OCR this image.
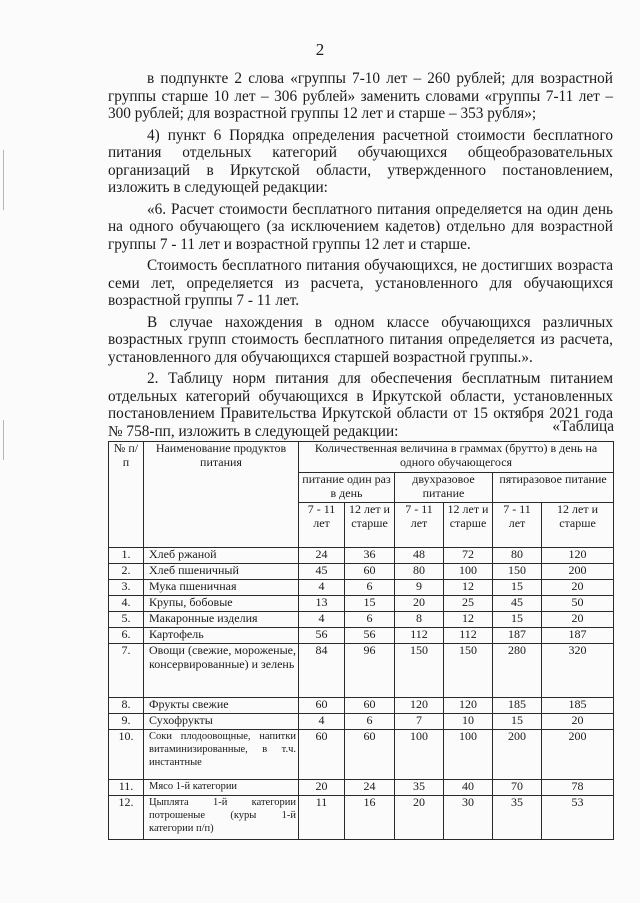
2

в подпункте 2 слова «группы 7-10 лет – 260 рублей; для возрастной группы старше 10 лет – 306 рублей» заменить словами «группы 7-11 лет – 300 рублей; для возрастной группы 12 лет и старше – 353 рубля»;

4) пункт 6 Порядка определения расчетной стоимости бесплатного питания отдельных категорий обучающихся общеобразовательных организаций в Иркутской области, утвержденного постановлением, изложить в следующей редакции:

«6. Расчет стоимости бесплатного питания определяется на один день на одного обучающего (за исключением кадетов) отдельно для возрастной группы 7 - 11 лет и возрастной группы 12 лет и старше.

Стоимость бесплатного питания обучающихся, не достигших возраста семи лет, определяется из расчета, установленного для обучающихся возрастной группы 7 - 11 лет.

В случае нахождения в одном классе обучающихся различных возрастных групп стоимость бесплатного питания определяется из расчета, установленного для обучающихся старшей возрастной группы.».

2. Таблицу норм питания для обеспечения бесплатным питанием отдельных категорий обучающихся в Иркутской области, установленных постановлением Правительства Иркутской области от 15 октября 2021 года № 758-пп, изложить в следующей редакции:	«Таблица
№ п/п	Наименование продуктов питания	Количественная величина в граммах (брутто) в день на одного обучающегося					
		питание один раз в день		двухразовое питание		пятиразовое питание	
		7 - 11 лет	12 лет и старше	7 - 11 лет	12 лет и старше	7 - 11 лет	12 лет и старше
1.	Хлеб ржаной	24	36	48	72	80	120
2.	Хлеб пшеничный	45	60	80	100	150	200
3.	Мука пшеничная	4	6	9	12	15	20
4.	Крупы, бобовые	13	15	20	25	45	50
5.	Макаронные изделия	4	6	8	12	15	20
6.	Картофель	56	56	112	112	187	187
7.	Овощи (свежие, мороженые, консервированные) и зелень	84	96	150	150	280	320
8.	Фрукты свежие	60	60	120	120	185	185
9.	Сухофрукты	4	6	7	10	15	20
10.	Соки плодоовощные, напитки витаминизированные, в т.ч. инстантные	60	60	100	100	200	200
11.	Мясо 1-й категории	20	24	35	40	70	78
12.	Цыплята 1-й категории потрошеные (куры 1-й категории п/п)	11	16	20	30	35	53
